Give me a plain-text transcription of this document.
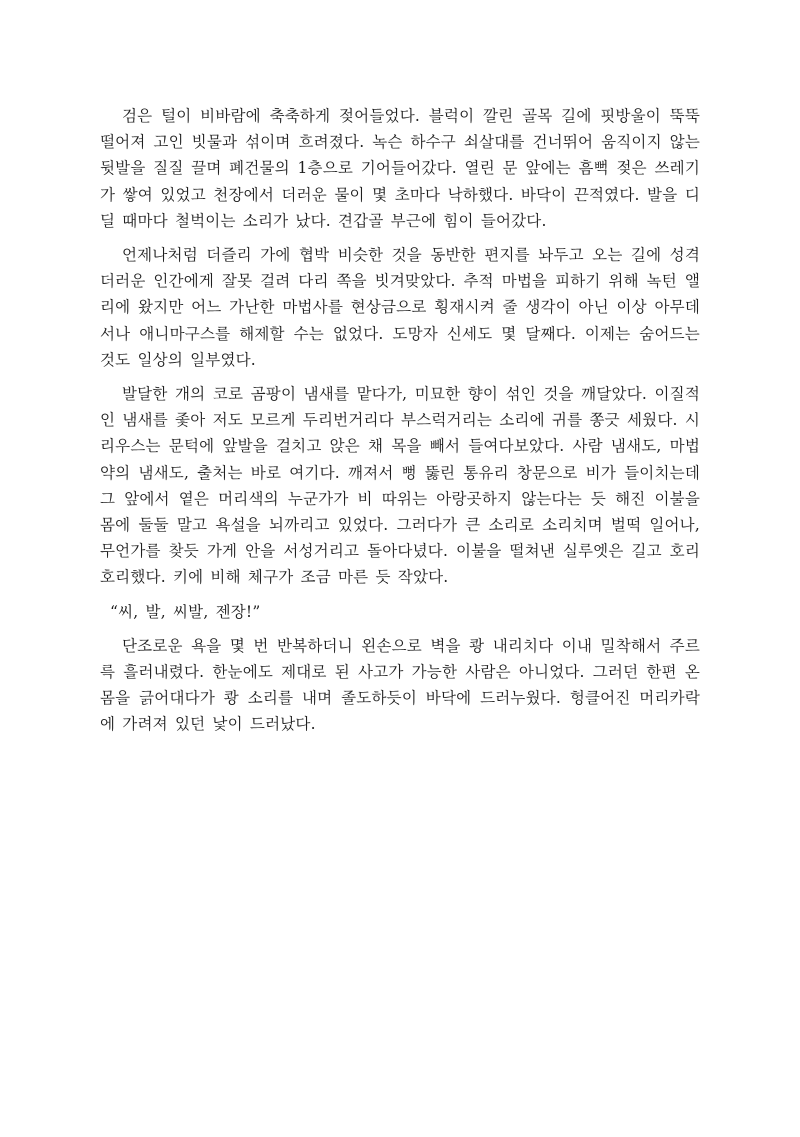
검은 털이 비바람에 축축하게 젖어들었다. 블럭이 깔린 골목 길에 핏방울이 뚝뚝 떨어져 고인 빗물과 섞이며 흐려졌다. 녹슨 하수구 쇠살대를 건너뛰어 움직이지 않는 뒷발을 질질 끌며 폐건물의 1층으로 기어들어갔다. 열린 문 앞에는 흠뻑 젖은 쓰레기가 쌓여 있었고 천장에서 더러운 물이 몇 초마다 낙하했다. 바닥이 끈적였다. 발을 디딜 때마다 철벅이는 소리가 났다. 견갑골 부근에 힘이 들어갔다.

언제나처럼 더즐리 가에 협박 비슷한 것을 동반한 편지를 놔두고 오는 길에 성격 더러운 인간에게 잘못 걸려 다리 쪽을 빗겨맞았다. 추적 마법을 피하기 위해 녹턴 앨리에 왔지만 어느 가난한 마법사를 현상금으로 횡재시켜 줄 생각이 아닌 이상 아무데서나 애니마구스를 해제할 수는 없었다. 도망자 신세도 몇 달째다. 이제는 숨어드는 것도 일상의 일부였다.

발달한 개의 코로 곰팡이 냄새를 맡다가, 미묘한 향이 섞인 것을 깨달았다. 이질적인 냄새를 좇아 저도 모르게 두리번거리다 부스럭거리는 소리에 귀를 쫑긋 세웠다. 시리우스는 문턱에 앞발을 걸치고 앉은 채 목을 빼서 들여다보았다. 사람 냄새도, 마법약의 냄새도, 출처는 바로 여기다. 깨져서 뻥 뚫린 통유리 창문으로 비가 들이치는데 그 앞에서 옅은 머리색의 누군가가 비 따위는 아랑곳하지 않는다는 듯 해진 이불을 몸에 둘둘 말고 욕설을 뇌까리고 있었다. 그러다가 큰 소리로 소리치며 벌떡 일어나, 무언가를 찾듯 가게 안을 서성거리고 돌아다녔다. 이불을 떨쳐낸 실루엣은 길고 호리호리했다. 키에 비해 체구가 조금 마른 듯 작았다.

“씨, 발, 씨발, 젠장!”

단조로운 욕을 몇 번 반복하더니 왼손으로 벽을 쾅 내리치다 이내 밀착해서 주르륵 흘러내렸다. 한눈에도 제대로 된 사고가 가능한 사람은 아니었다. 그러던 한편 온몸을 긁어대다가 쾅 소리를 내며 졸도하듯이 바닥에 드러누웠다. 헝클어진 머리카락에 가려져 있던 낯이 드러났다.
